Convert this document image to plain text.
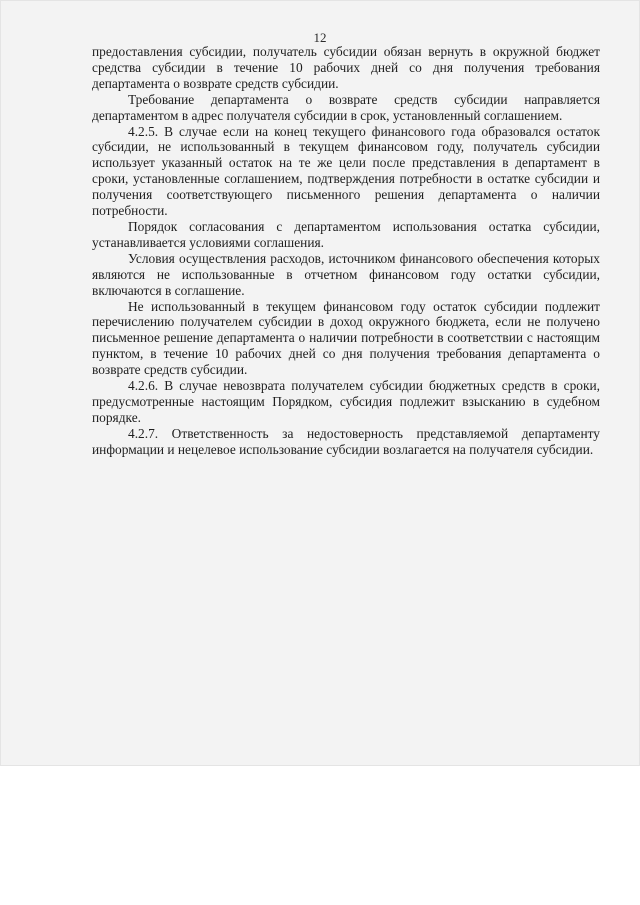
12

предоставления субсидии, получатель субсидии обязан вернуть в окружной бюджет средства субсидии в течение 10 рабочих дней со дня получения требования департамента о возврате средств субсидии.

Требование департамента о возврате средств субсидии направляется департаментом в адрес получателя субсидии в срок, установленный соглашением.

4.2.5. В случае если на конец текущего финансового года образовался остаток субсидии, не использованный в текущем финансовом году, получатель субсидии использует указанный остаток на те же цели после представления в департамент в сроки, установленные соглашением, подтверждения потребности в остатке субсидии и получения соответствующего письменного решения департамента о наличии потребности.

Порядок согласования с департаментом использования остатка субсидии, устанавливается условиями соглашения.

Условия осуществления расходов, источником финансового обеспечения которых являются не использованные в отчетном финансовом году остатки субсидии, включаются в соглашение.

Не использованный в текущем финансовом году остаток субсидии подлежит перечислению получателем субсидии в доход окружного бюджета, если не получено письменное решение департамента о наличии потребности в соответствии с настоящим пунктом, в течение 10 рабочих дней со дня получения требования департамента о возврате средств субсидии.

4.2.6. В случае невозврата получателем субсидии бюджетных средств в сроки, предусмотренные настоящим Порядком, субсидия подлежит взысканию в судебном порядке.

4.2.7. Ответственность за недостоверность представляемой департаменту информации и нецелевое использование субсидии возлагается на получателя субсидии.
